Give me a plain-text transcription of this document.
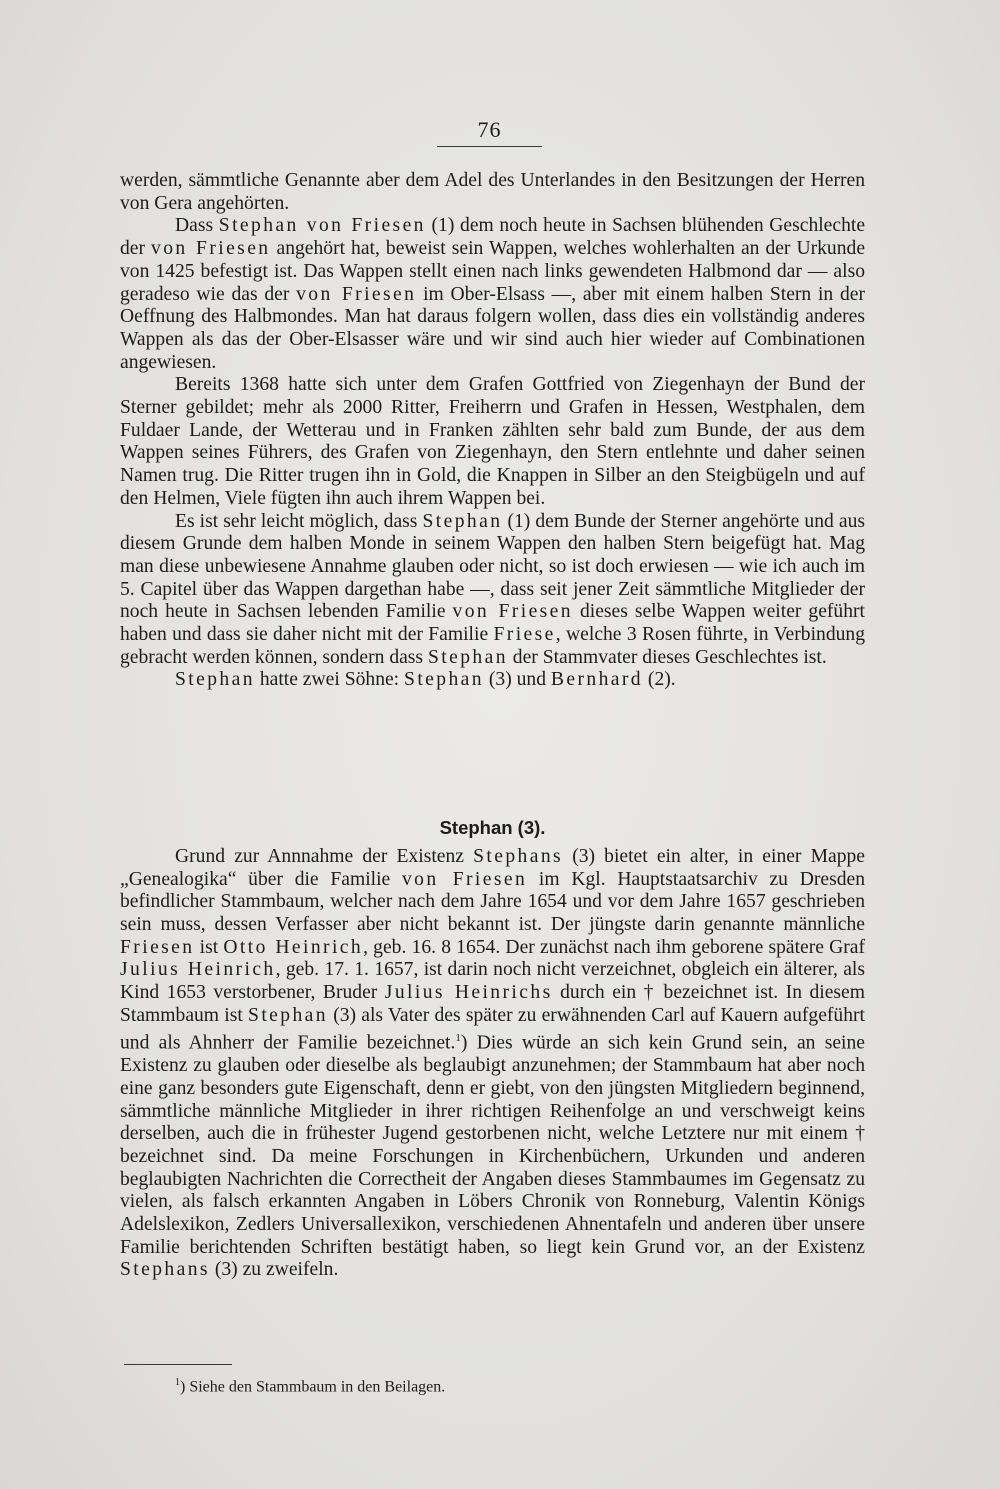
76

werden, sämmtliche Genannte aber dem Adel des Unterlandes in den Besitzungen der Herren von Gera angehörten.

Dass Stephan von Friesen (1) dem noch heute in Sachsen blühenden Geschlechte der von Friesen angehört hat, beweist sein Wappen, welches wohlerhalten an der Urkunde von 1425 befestigt ist. Das Wappen stellt einen nach links gewendeten Halbmond dar — also geradeso wie das der von Friesen im Ober-Elsass —, aber mit einem halben Stern in der Oeffnung des Halbmondes. Man hat daraus folgern wollen, dass dies ein vollständig anderes Wappen als das der Ober-Elsasser wäre und wir sind auch hier wieder auf Combinationen angewiesen.

Bereits 1368 hatte sich unter dem Grafen Gottfried von Ziegenhayn der Bund der Sterner gebildet; mehr als 2000 Ritter, Freiherrn und Grafen in Hessen, Westphalen, dem Fuldaer Lande, der Wetterau und in Franken zählten sehr bald zum Bunde, der aus dem Wappen seines Führers, des Grafen von Ziegenhayn, den Stern entlehnte und daher seinen Namen trug. Die Ritter trugen ihn in Gold, die Knappen in Silber an den Steigbügeln und auf den Helmen, Viele fügten ihn auch ihrem Wappen bei.

Es ist sehr leicht möglich, dass Stephan (1) dem Bunde der Sterner angehörte und aus diesem Grunde dem halben Monde in seinem Wappen den halben Stern beigefügt hat. Mag man diese unbewiesene Annahme glauben oder nicht, so ist doch erwiesen — wie ich auch im 5. Capitel über das Wappen dargethan habe —, dass seit jener Zeit sämmtliche Mitglieder der noch heute in Sachsen lebenden Familie von Friesen dieses selbe Wappen weiter geführt haben und dass sie daher nicht mit der Familie Friese, welche 3 Rosen führte, in Verbindung gebracht werden können, sondern dass Stephan der Stammvater dieses Geschlechtes ist.

Stephan hatte zwei Söhne: Stephan (3) und Bernhard (2).

Stephan (3).

Grund zur Annnahme der Existenz Stephans (3) bietet ein alter, in einer Mappe „Genealogika“ über die Familie von Friesen im Kgl. Hauptstaatsarchiv zu Dresden befindlicher Stammbaum, welcher nach dem Jahre 1654 und vor dem Jahre 1657 geschrieben sein muss, dessen Verfasser aber nicht bekannt ist. Der jüngste darin genannte männliche Friesen ist Otto Heinrich, geb. 16. 8 1654. Der zunächst nach ihm geborene spätere Graf Julius Heinrich, geb. 17. 1. 1657, ist darin noch nicht verzeichnet, obgleich ein älterer, als Kind 1653 verstorbener, Bruder Julius Heinrichs durch ein † bezeichnet ist. In diesem Stammbaum ist Stephan (3) als Vater des später zu erwähnenden Carl auf Kauern aufgeführt und als Ahnherr der Familie bezeichnet.$^1$) Dies würde an sich kein Grund sein, an seine Existenz zu glauben oder dieselbe als beglaubigt anzunehmen; der Stammbaum hat aber noch eine ganz besonders gute Eigenschaft, denn er giebt, von den jüngsten Mitgliedern beginnend, sämmtliche männliche Mitglieder in ihrer richtigen Reihenfolge an und verschweigt keins derselben, auch die in frühester Jugend gestorbenen nicht, welche Letztere nur mit einem † bezeichnet sind. Da meine Forschungen in Kirchenbüchern, Urkunden und anderen beglaubigten Nachrichten die Correctheit der Angaben dieses Stammbaumes im Gegensatz zu vielen, als falsch erkannten Angaben in Löbers Chronik von Ronneburg, Valentin Königs Adelslexikon, Zedlers Universallexikon, verschiedenen Ahnentafeln und anderen über unsere Familie berichtenden Schriften bestätigt haben, so liegt kein Grund vor, an der Existenz Stephans (3) zu zweifeln.

$^1$) Siehe den Stammbaum in den Beilagen.
